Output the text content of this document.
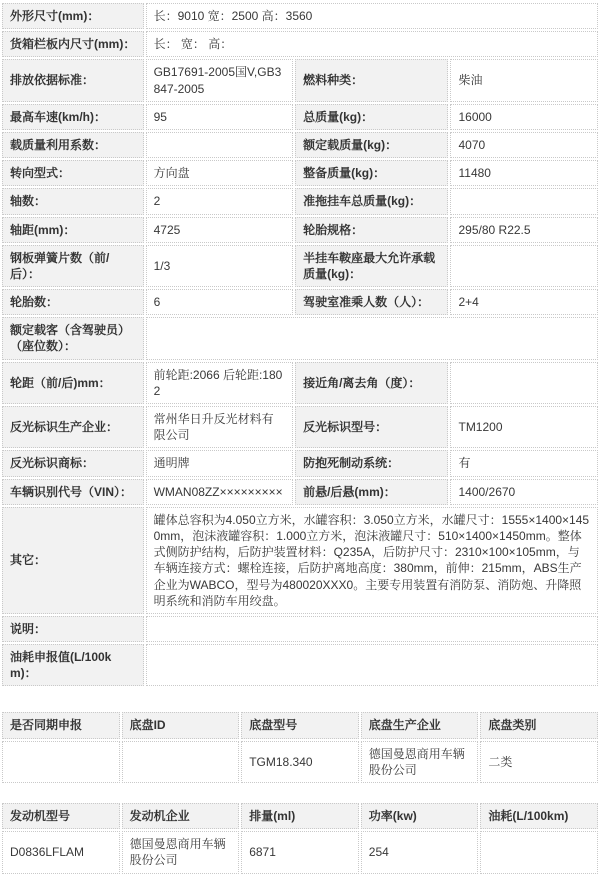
外形尺寸(mm)：	长：9010 宽：2500 高：3560		
货箱栏板内尺寸(mm)：	长： 宽： 高：		
排放依据标准：	GB17691-2005国V,GB3847-2005	燃料种类：	柴油
最高车速(km/h)：	95	总质量(kg)：	16000
载质量利用系数：		额定载质量(kg)：	4070
转向型式：	方向盘	整备质量(kg)：	11480
轴数：	2	准拖挂车总质量(kg)：	
轴距(mm)：	4725	轮胎规格：	295/80 R22.5
钢板弹簧片数（前/后）：	1/3	半挂车鞍座最大允许承载质量(kg)：	
轮胎数：	6	驾驶室准乘人数（人）：	2+4
额定载客（含驾驶员）（座位数）：			
轮距（前/后)mm：	前轮距:2066 后轮距:1802	接近角/离去角（度）：	
反光标识生产企业：	常州华日升反光材料有限公司	反光标识型号：	TM1200
反光标识商标：	通明牌	防抱死制动系统：	有
车辆识别代号（VIN）：	WMAN08ZZ×××××××××	前悬/后悬(mm)：	1400/2670
其它：	罐体总容积为4.050立方米，水罐容积：3.050立方米，水罐尺寸：1555×1400×1450mm，泡沫液罐容积：1.000立方米，泡沫液罐尺寸：510×1400×1450mm。整体式侧防护结构，后防护装置材料：Q235A，后防护尺寸：2310×100×105mm，与车辆连接方式：螺栓连接，后防护离地高度：380mm，前伸：215mm，ABS生产企业为WABCO，型号为480020XXX0。主要专用装置有消防泵、消防炮、升降照明系统和消防车用绞盘。		
说明：			
油耗申报值(L/100km)：			
是否同期申报	底盘ID	底盘型号	底盘生产企业	底盘类别
		TGM18.340	德国曼恩商用车辆股份公司	二类
发动机型号	发动机企业	排量(ml)	功率(kw)	油耗(L/100km)
D0836LFLAM	德国曼恩商用车辆股份公司	6871	254	
